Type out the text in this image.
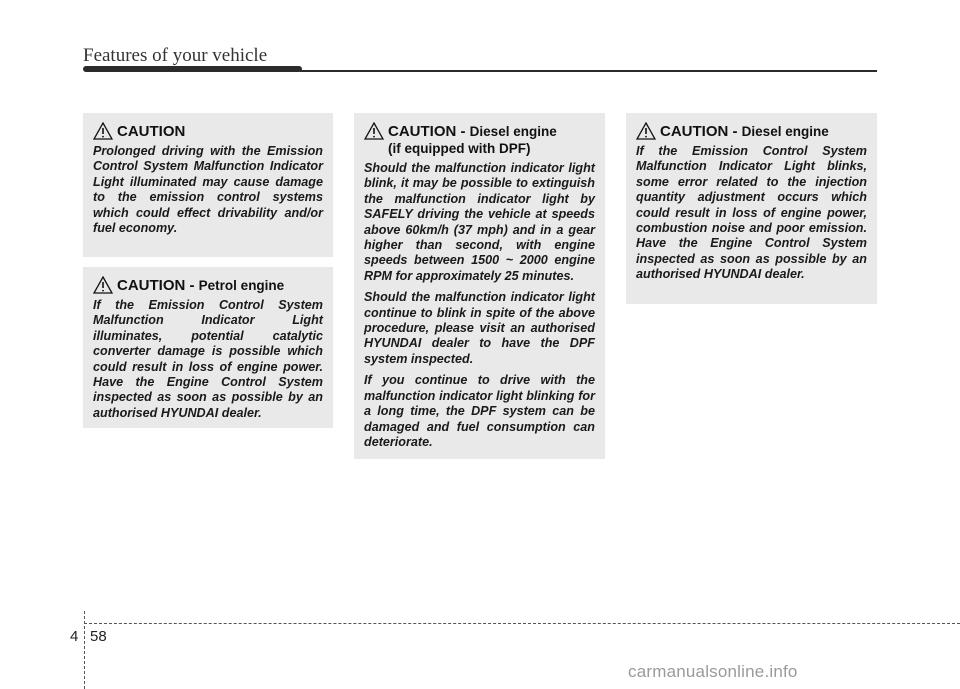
Features of your vehicle
CAUTION

Prolonged driving with the Emission Control System Malfunction Indicator Light illuminated may cause damage to the emission control systems which could effect drivability and/or fuel economy.

CAUTION - Petrol engine

If the Emission Control System Malfunction Indicator Light illuminates, potential catalytic converter damage is possible which could result in loss of engine power. Have the Engine Control System inspected as soon as possible by an authorised HYUNDAI dealer.

CAUTION - Diesel engine
(if equipped with DPF)

Should the malfunction indicator light blink, it may be possible to extinguish the malfunction indicator light by SAFELY driving the vehicle at speeds above 60km/h (37 mph) and in a gear higher than second, with engine speeds between 1500 ~ 2000 engine RPM for approximately 25 minutes.

Should the malfunction indicator light continue to blink in spite of the above procedure, please visit an authorised HYUNDAI dealer to have the DPF system inspected.

If you continue to drive with the malfunction indicator light blinking for a long time, the DPF system can be damaged and fuel consumption can deteriorate.

CAUTION - Diesel engine

If the Emission Control System Malfunction Indicator Light blinks, some error related to the injection quantity adjustment occurs which could result in loss of engine power, combustion noise and poor emission. Have the Engine Control System inspected as soon as possible by an authorised HYUNDAI dealer.

4 58
carmanualsonline.info
